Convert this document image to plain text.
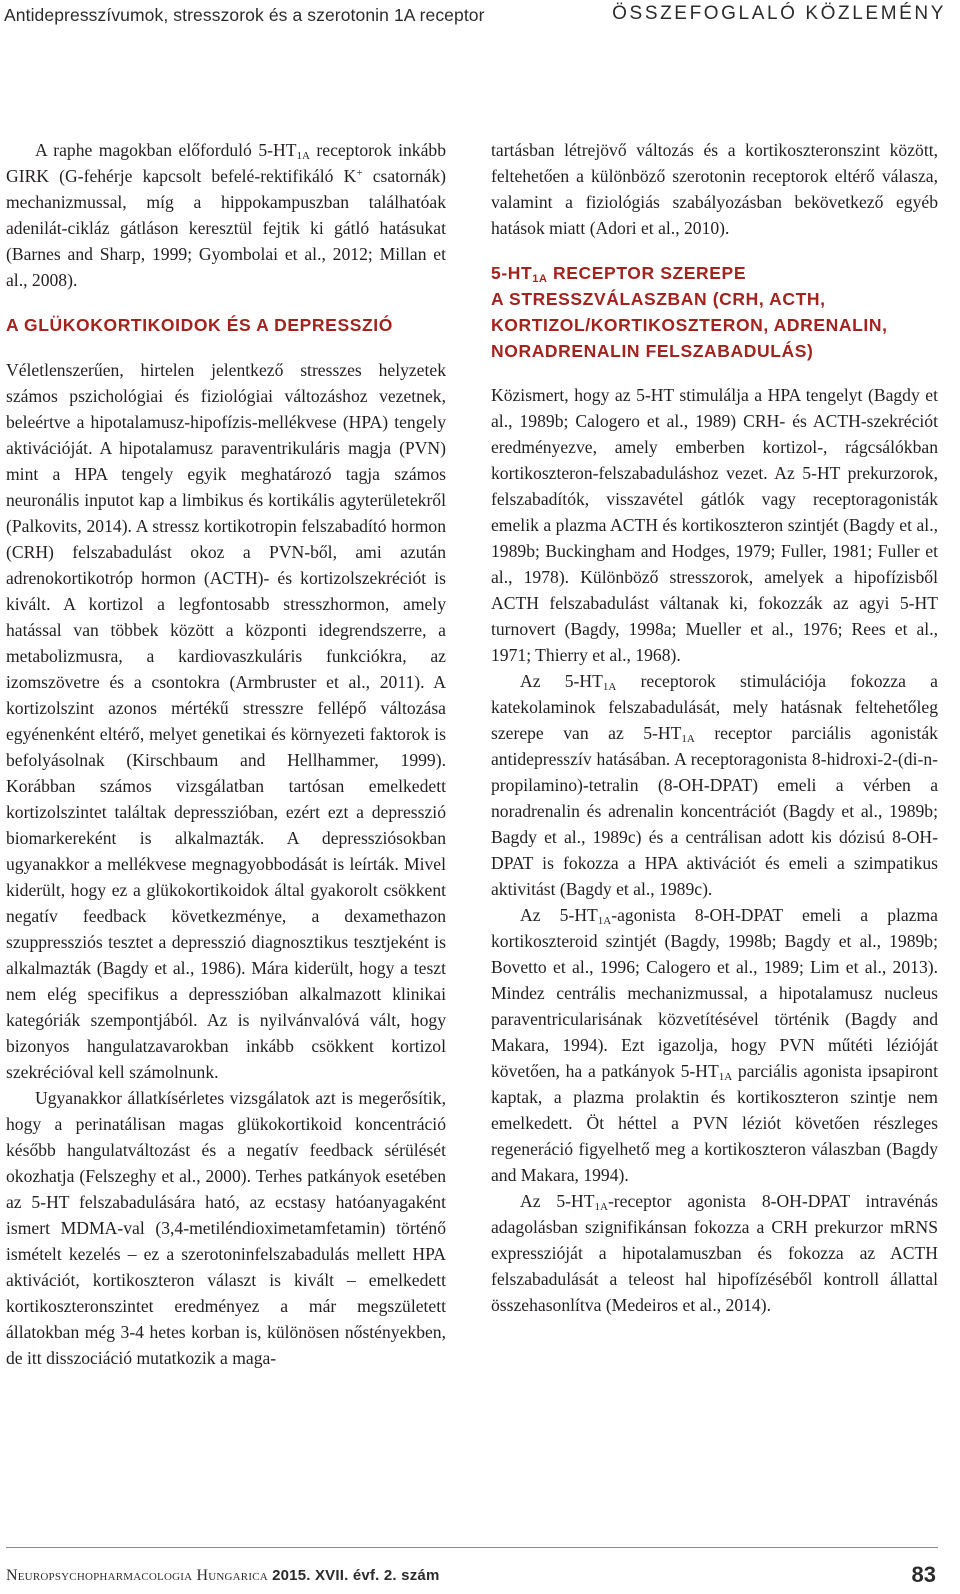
Antidepresszívumok, stresszorok és a szerotonin 1A receptor	ÖSSZEFOGLALÓ KÖZLEMÉNY

A raphe magokban előforduló $5-HT_{1A}$ receptorok inkább GIRK (G-fehérje kapcsolt befelé-rektifikáló K+ csatornák) mechanizmussal, míg a hippokampuszban találhatóak adenilát-cikláz gátláson keresztül fejtik ki gátló hatásukat (Barnes and Sharp, 1999; Gyombolai et al., 2012; Millan et al., 2008).

A GLÜKOKORTIKOIDOK ÉS A DEPRESSZIÓ

Véletlenszerűen, hirtelen jelentkező stresszes helyzetek számos pszichológiai és fiziológiai változáshoz vezetnek, beleértve a hipotalamusz-hipofízis-mellékvese (HPA) tengely aktivációját. A hipotalamusz paraventrikuláris magja (PVN) mint a HPA tengely egyik meghatározó tagja számos neuronális inputot kap a limbikus és kortikális agyterületekről (Palkovits, 2014). A stressz kortikotropin felszabadító hormon (CRH) felszabadulást okoz a PVN-ből, ami azután adrenokortikotróp hormon (ACTH)- és kortizolszekréciót is kivált. A kortizol a legfontosabb stresszhormon, amely hatással van többek között a központi idegrendszerre, a metabolizmusra, a kardiovaszkuláris funkciókra, az izomszövetre és a csontokra (Armbruster et al., 2011). A kortizolszint azonos mértékű stresszre fellépő változása egyénenként eltérő, melyet genetikai és környezeti faktorok is befolyásolnak (Kirschbaum and Hellhammer, 1999). Korábban számos vizsgálatban tartósan emelkedett kortizolszintet találtak depresszióban, ezért ezt a depresszió biomarkereként is alkalmazták. A depressziósokban ugyanakkor a mellékvese megnagyobbodását is leírták. Mivel kiderült, hogy ez a glükokortikoidok által gyakorolt csökkent negatív feedback következménye, a dexamethazon szuppressziós tesztet a depresszió diagnosztikus tesztjeként is alkalmazták (Bagdy et al., 1986). Mára kiderült, hogy a teszt nem elég specifikus a depresszióban alkalmazott klinikai kategóriák szempontjából. Az is nyilvánvalóvá vált, hogy bizonyos hangulatzavarokban inkább csökkent kortizol szekrécióval kell számolnunk.

Ugyanakkor állatkísérletes vizsgálatok azt is megerősítik, hogy a perinatálisan magas glükokortikoid koncentráció később hangulatváltozást és a negatív feedback sérülését okozhatja (Felszeghy et al., 2000). Terhes patkányok esetében az 5-HT felszabadulására ható, az ecstasy hatóanyagaként ismert MDMA-val (3,4-metiléndioximetamfetamin) történő ismételt kezelés – ez a szerotoninfelszabadulás mellett HPA aktivációt, kortikoszteron választ is kivált – emelkedett kortikoszteronszintet eredményez a már megszületett állatokban még 3-4 hetes korban is, különösen nőstényekben, de itt disszociáció mutatkozik a maga-

tartásban létrejövő változás és a kortikoszteronszint között, feltehetően a különböző szerotonin receptorok eltérő válasza, valamint a fiziológiás szabályozásban bekövetkező egyéb hatások miatt (Adori et al., 2010).

$5-HT_{1A}$ RECEPTOR SZEREPE
A STRESSZVÁLASZBAN (CRH, ACTH,
KORTIZOL/KORTIKOSZTERON, ADRENALIN,
NORADRENALIN FELSZABADULÁS)

Közismert, hogy az 5-HT stimulálja a HPA tengelyt (Bagdy et al., 1989b; Calogero et al., 1989) CRH- és ACTH-szekréciót eredményezve, amely emberben kortizol-, rágcsálókban kortikoszteron-felszabaduláshoz vezet. Az 5-HT prekurzorok, felszabadítók, visszavétel gátlók vagy receptoragonisták emelik a plazma ACTH és kortikoszteron szintjét (Bagdy et al., 1989b; Buckingham and Hodges, 1979; Fuller, 1981; Fuller et al., 1978). Különböző stresszorok, amelyek a hipofízisből ACTH felszabadulást váltanak ki, fokozzák az agyi 5-HT turnovert (Bagdy, 1998a; Mueller et al., 1976; Rees et al., 1971; Thierry et al., 1968).

Az $5-HT_{1A}$ receptorok stimulációja fokozza a katekolaminok felszabadulását, mely hatásnak feltehetőleg szerepe van az $5-HT_{1A}$ receptor parciális agonisták antidepresszív hatásában. A receptoragonista 8-hidroxi-2-(di-n-propilamino)-tetralin (8-OH-DPAT) emeli a vérben a noradrenalin és adrenalin koncentrációt (Bagdy et al., 1989b; Bagdy et al., 1989c) és a centrálisan adott kis dózisú 8-OH-DPAT is fokozza a HPA aktivációt és emeli a szimpatikus aktivitást (Bagdy et al., 1989c).

Az $5-HT_{1A}$-agonista 8-OH-DPAT emeli a plazma kortikoszteroid szintjét (Bagdy, 1998b; Bagdy et al., 1989b; Bovetto et al., 1996; Calogero et al., 1989; Lim et al., 2013). Mindez centrális mechanizmussal, a hipotalamusz nucleus paraventricularisának közvetítésével történik (Bagdy and Makara, 1994). Ezt igazolja, hogy PVN műtéti lézióját követően, ha a patkányok $5-HT_{1A}$ parciális agonista ipsapiront kaptak, a plazma prolaktin és kortikoszteron szintje nem emelkedett. Öt héttel a PVN léziót követően részleges regeneráció figyelhető meg a kortikoszteron válaszban (Bagdy and Makara, 1994).

Az $5-HT_{1A}$-receptor agonista 8-OH-DPAT intravénás adagolásban szignifikánsan fokozza a CRH prekurzor mRNS expresszióját a hipotalamuszban és fokozza az ACTH felszabadulását a teleost hal hipofízéséből kontroll állattal összehasonlítva (Medeiros et al., 2014).

Neuropsychopharmacologia Hungarica 2015. XVII. évf. 2. szám	83
